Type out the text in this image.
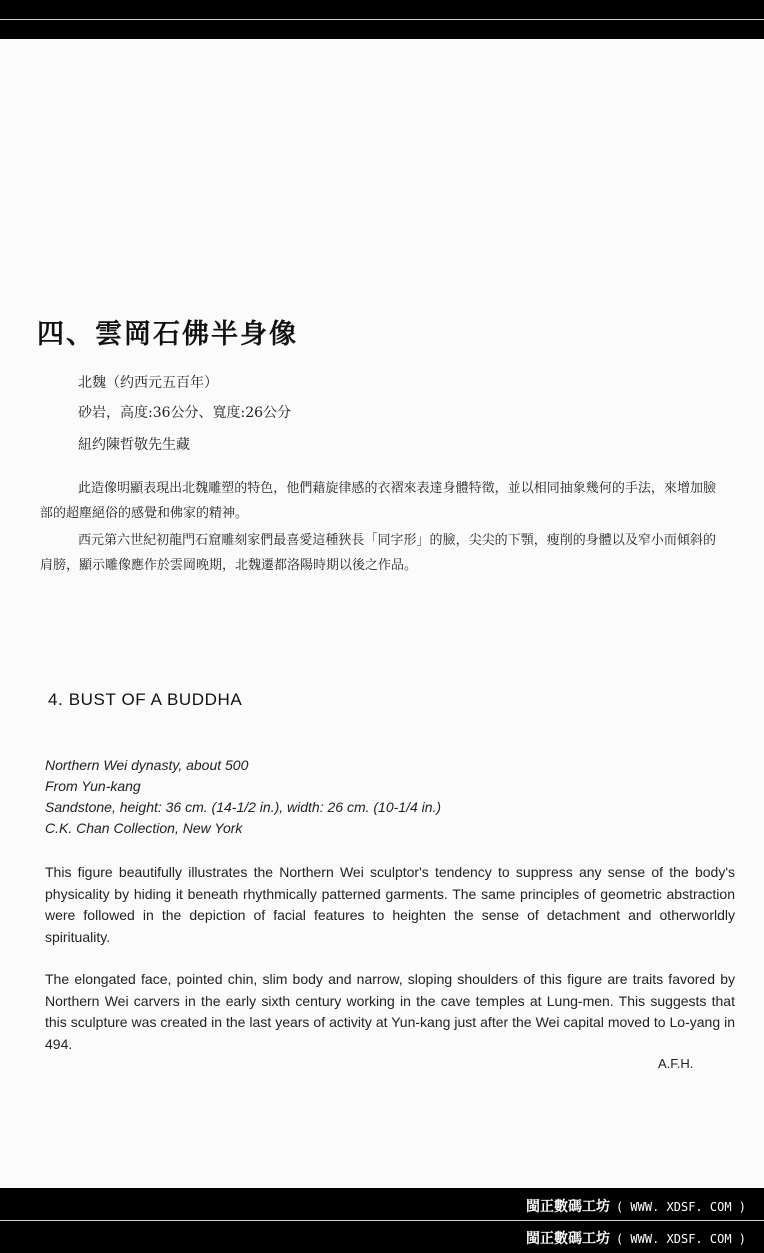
四、雲岡石佛半身像
北魏（约西元五百年）
砂岩，高度:36公分、寬度:26公分
紐约陳哲敬先生藏

此造像明顯表現出北魏雕塑的特色，他們藉旋律感的衣褶來表達身體特徵，並以相同抽象幾何的手法，來增加臉部的超塵絕俗的感覺和佛家的精神。

西元第六世紀初龍門石窟雕刻家們最喜愛這種狹長「同字形」的臉，尖尖的下顎，瘦削的身體以及窄小而傾斜的肩膀，顯示雕像應作於雲岡晚期，北魏遷都洛陽時期以後之作品。

4. BUST OF A BUDDHA
Northern Wei dynasty, about 500
From Yun-kang
Sandstone, height: 36 cm. (14-1/2 in.), width: 26 cm. (10-1/4 in.)
C.K. Chan Collection, New York

This figure beautifully illustrates the Northern Wei sculptor's tendency to suppress any sense of the body's physicality by hiding it beneath rhythmically patterned garments. The same principles of geometric abstraction were followed in the depiction of facial features to heighten the sense of detachment and otherworldly spirituality.

The elongated face, pointed chin, slim body and narrow, sloping shoulders of this figure are traits favored by Northern Wei carvers in the early sixth century working in the cave temples at Lung-men. This suggests that this sculpture was created in the last years of activity at Yun-kang just after the Wei capital moved to Lo-yang in 494.

A.F.H.
閩正數碼工坊 ( WWW. XDSF. COM )
閩正數碼工坊 ( WWW. XDSF. COM )
